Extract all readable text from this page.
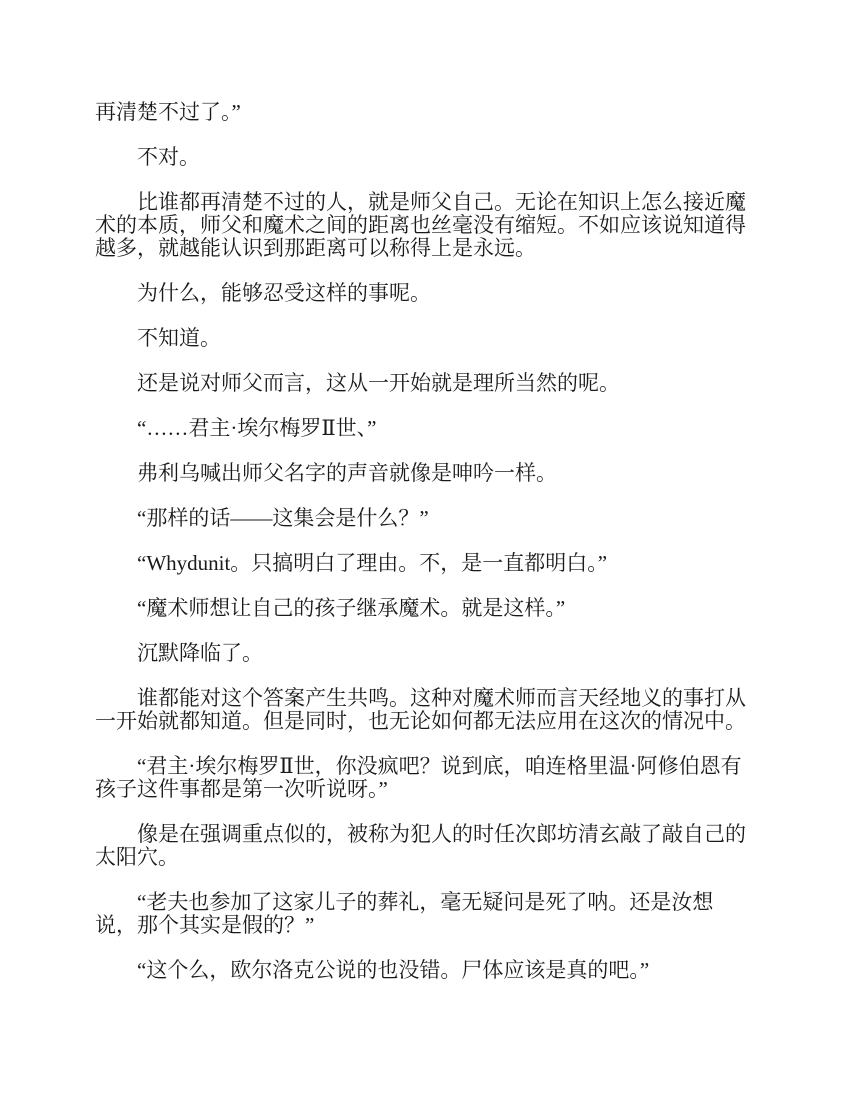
再清楚不过了。”

不对。

比谁都再清楚不过的人，就是师父自己。无论在知识上怎么接近魔术的本质，师父和魔术之间的距离也丝毫没有缩短。不如应该说知道得越多，就越能认识到那距离可以称得上是永远。

为什么，能够忍受这样的事呢。

不知道。

还是说对师父而言，这从一开始就是理所当然的呢。

“……君主·埃尔梅罗Ⅱ世、”

弗利乌喊出师父名字的声音就像是呻吟一样。

“那样的话——这集会是什么？”

“Whydunit。只搞明白了理由。不，是一直都明白。”

“魔术师想让自己的孩子继承魔术。就是这样。”

沉默降临了。

谁都能对这个答案产生共鸣。这种对魔术师而言天经地义的事打从一开始就都知道。但是同时，也无论如何都无法应用在这次的情况中。

“君主·埃尔梅罗Ⅱ世，你没疯吧？说到底，咱连格里温·阿修伯恩有孩子这件事都是第一次听说呀。”

像是在强调重点似的，被称为犯人的时任次郎坊清玄敲了敲自己的太阳穴。

“老夫也参加了这家儿子的葬礼，毫无疑问是死了呐。还是汝想说，那个其实是假的？”

“这个么，欧尔洛克公说的也没错。尸体应该是真的吧。”
